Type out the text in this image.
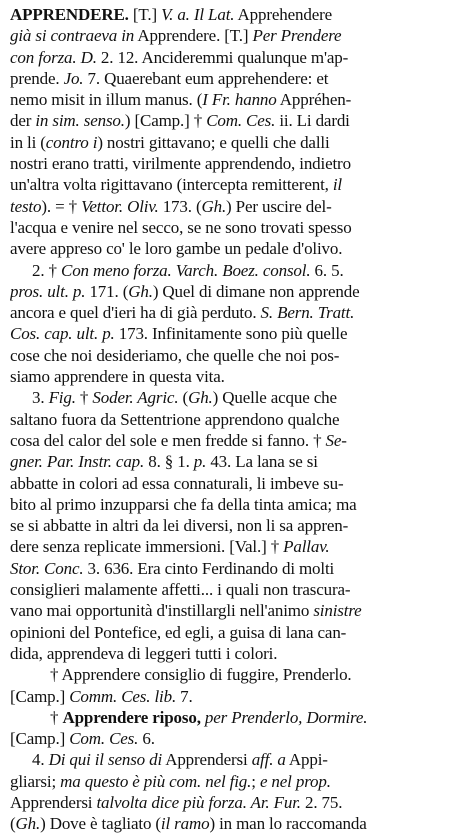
APPRENDERE. [T.] V. a. Il Lat. Apprehendere
già si contraeva in Apprendere. [T.] Per Prendere
con forza. D. 2. 12. Ancideremmi qualunque m'ap-
prende. Jo. 7. Quaerebant eum apprehendere: et
nemo misit in illum manus. (I Fr. hanno Appréhen-
der in sim. senso.) [Camp.] † Com. Ces. ii. Li dardi
in li (contro i) nostri gittavano; e quelli che dalli
nostri erano tratti, virilmente apprendendo, indietro
un'altra volta rigittavano (intercepta remitterent, il
testo). = † Vettor. Oliv. 173. (Gh.) Per uscire del-
l'acqua e venire nel secco, se ne sono trovati spesso
avere appreso co' le loro gambe un pedale d'olivo.
2. † Con meno forza. Varch. Boez. consol. 6. 5.
pros. ult. p. 171. (Gh.) Quel di dimane non apprende
ancora e quel d'ieri ha di già perduto. S. Bern. Tratt.
Cos. cap. ult. p. 173. Infinitamente sono più quelle
cose che noi desideriamo, che quelle che noi pos-
siamo apprendere in questa vita.
3. Fig. † Soder. Agric. (Gh.) Quelle acque che
saltano fuora da Settentrione apprendono qualche
cosa del calor del sole e men fredde si fanno. † Se-
gner. Par. Instr. cap. 8. § 1. p. 43. La lana se si
abbatte in colori ad essa connaturali, li imbeve su-
bito al primo inzupparsi che fa della tinta amica; ma
se si abbatte in altri da lei diversi, non li sa appren-
dere senza replicate immersioni. [Val.] † Pallav.
Stor. Conc. 3. 636. Era cinto Ferdinando di molti
consiglieri malamente affetti... i quali non trascura-
vano mai opportunità d'instillargli nell'animo sinistre
opinioni del Pontefice, ed egli, a guisa di lana can-
dida, apprendeva di leggeri tutti i colori.
† Apprendere consiglio di fuggire, Prenderlo.
[Camp.] Comm. Ces. lib. 7.
† Apprendere riposo, per Prenderlo, Dormire.
[Camp.] Com. Ces. 6.
4. Di qui il senso di Apprendersi aff. a Appi-
gliarsi; ma questo è più com. nel fig.; e nel prop.
Apprendersi talvolta dice più forza. Ar. Fur. 2. 75.
(Gh.) Dove è tagliato (il ramo) in man lo raccomanda
